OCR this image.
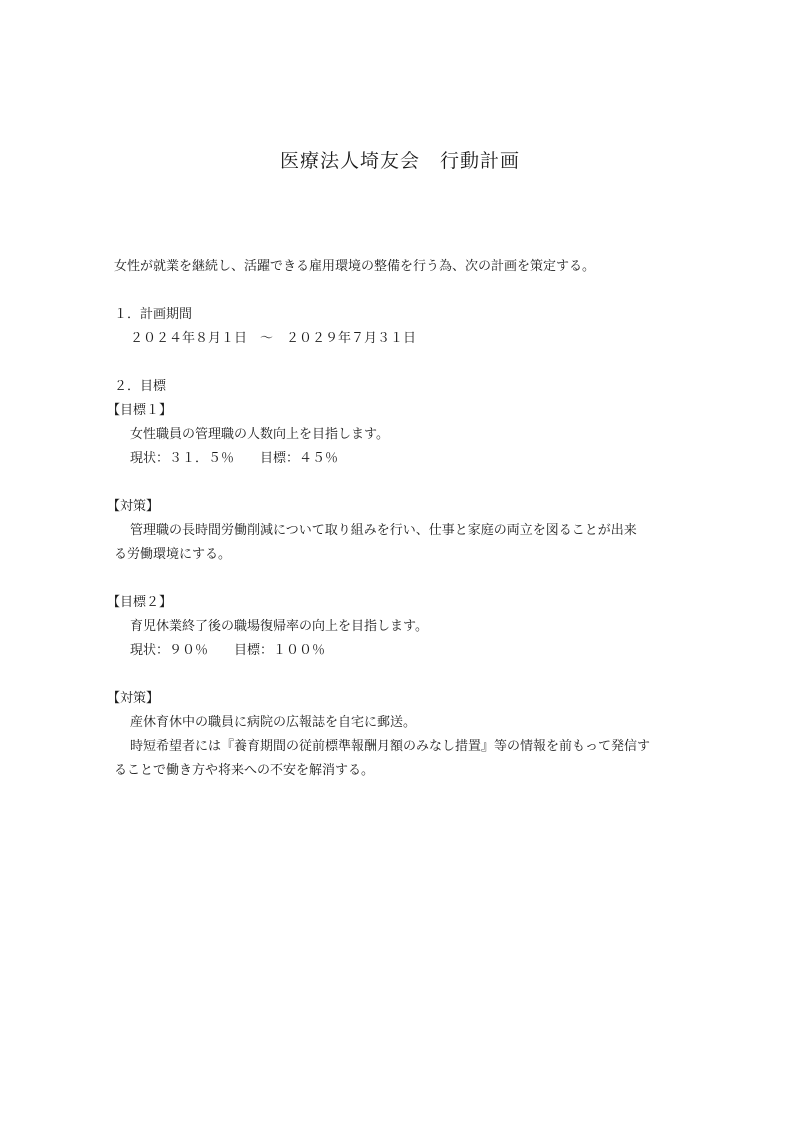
医療法人埼友会　行動計画
女性が就業を継続し、活躍できる雇用環境の整備を行う為、次の計画を策定する。
１．計画期間
２０２４年８月１日　～　２０２９年７月３１日
２．目標
【目標１】
女性職員の管理職の人数向上を目指します。
現状：３１．５％　　目標：４５％
【対策】
管理職の長時間労働削減について取り組みを行い、仕事と家庭の両立を図ることが出来
る労働環境にする。
【目標２】
育児休業終了後の職場復帰率の向上を目指します。
現状：９０％　　目標：１００％
【対策】
産休育休中の職員に病院の広報誌を自宅に郵送。
時短希望者には『養育期間の従前標準報酬月額のみなし措置』等の情報を前もって発信す
ることで働き方や将来への不安を解消する。
